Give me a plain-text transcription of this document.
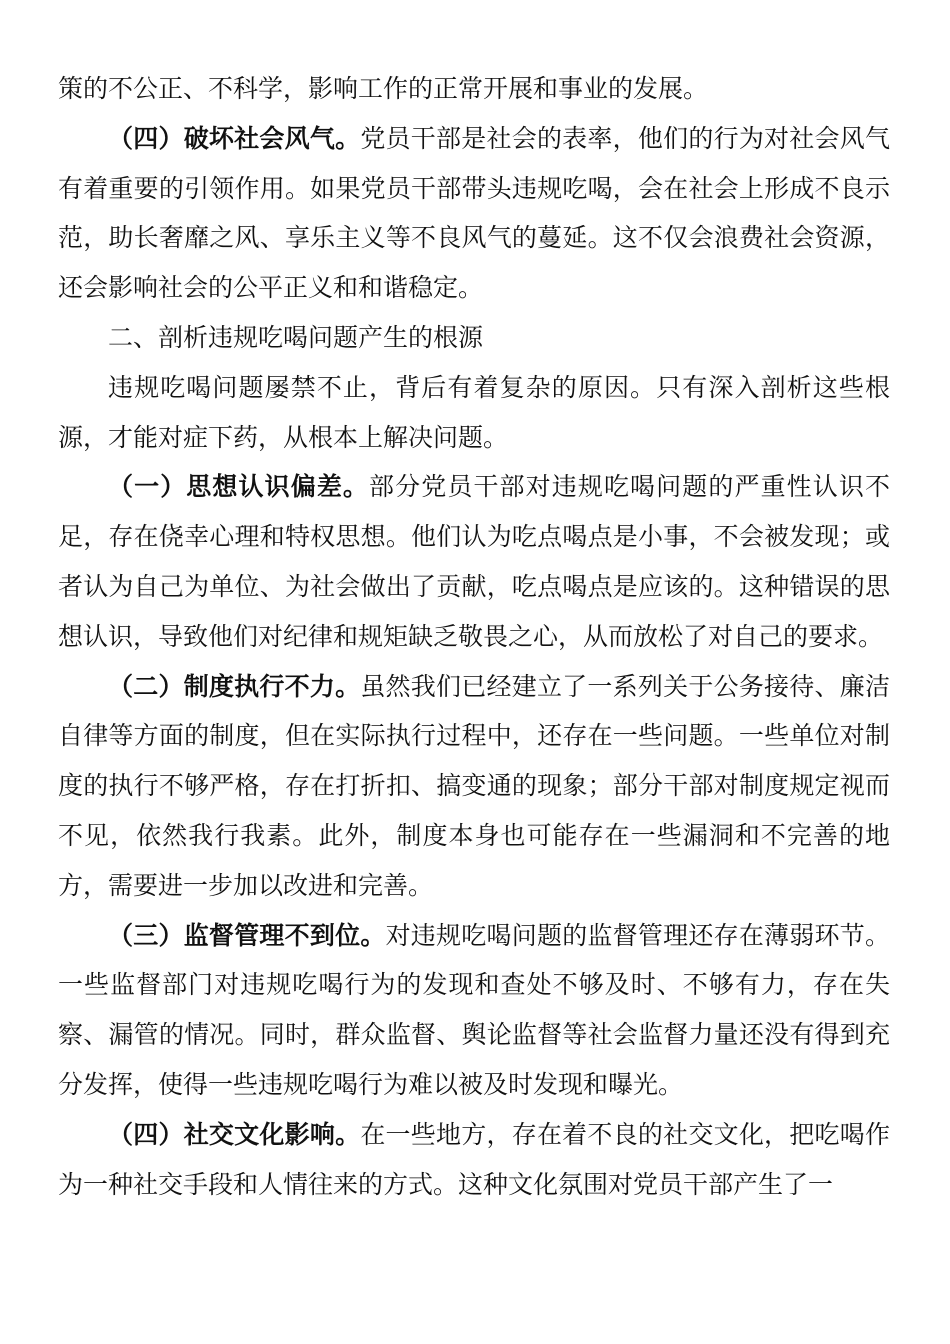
策的不公正、不科学，影响工作的正常开展和事业的发展。

（四）破坏社会风气。党员干部是社会的表率，他们的行为对社会风气有着重要的引领作用。如果党员干部带头违规吃喝，会在社会上形成不良示范，助长奢靡之风、享乐主义等不良风气的蔓延。这不仅会浪费社会资源，还会影响社会的公平正义和和谐稳定。

二、剖析违规吃喝问题产生的根源

违规吃喝问题屡禁不止，背后有着复杂的原因。只有深入剖析这些根源，才能对症下药，从根本上解决问题。

（一）思想认识偏差。部分党员干部对违规吃喝问题的严重性认识不足，存在侥幸心理和特权思想。他们认为吃点喝点是小事，不会被发现；或者认为自己为单位、为社会做出了贡献，吃点喝点是应该的。这种错误的思想认识，导致他们对纪律和规矩缺乏敬畏之心，从而放松了对自己的要求。

（二）制度执行不力。虽然我们已经建立了一系列关于公务接待、廉洁自律等方面的制度，但在实际执行过程中，还存在一些问题。一些单位对制度的执行不够严格，存在打折扣、搞变通的现象；部分干部对制度规定视而不见，依然我行我素。此外，制度本身也可能存在一些漏洞和不完善的地方，需要进一步加以改进和完善。

（三）监督管理不到位。对违规吃喝问题的监督管理还存在薄弱环节。一些监督部门对违规吃喝行为的发现和查处不够及时、不够有力，存在失察、漏管的情况。同时，群众监督、舆论监督等社会监督力量还没有得到充分发挥，使得一些违规吃喝行为难以被及时发现和曝光。

（四）社交文化影响。在一些地方，存在着不良的社交文化，把吃喝作为一种社交手段和人情往来的方式。这种文化氛围对党员干部产生了一
